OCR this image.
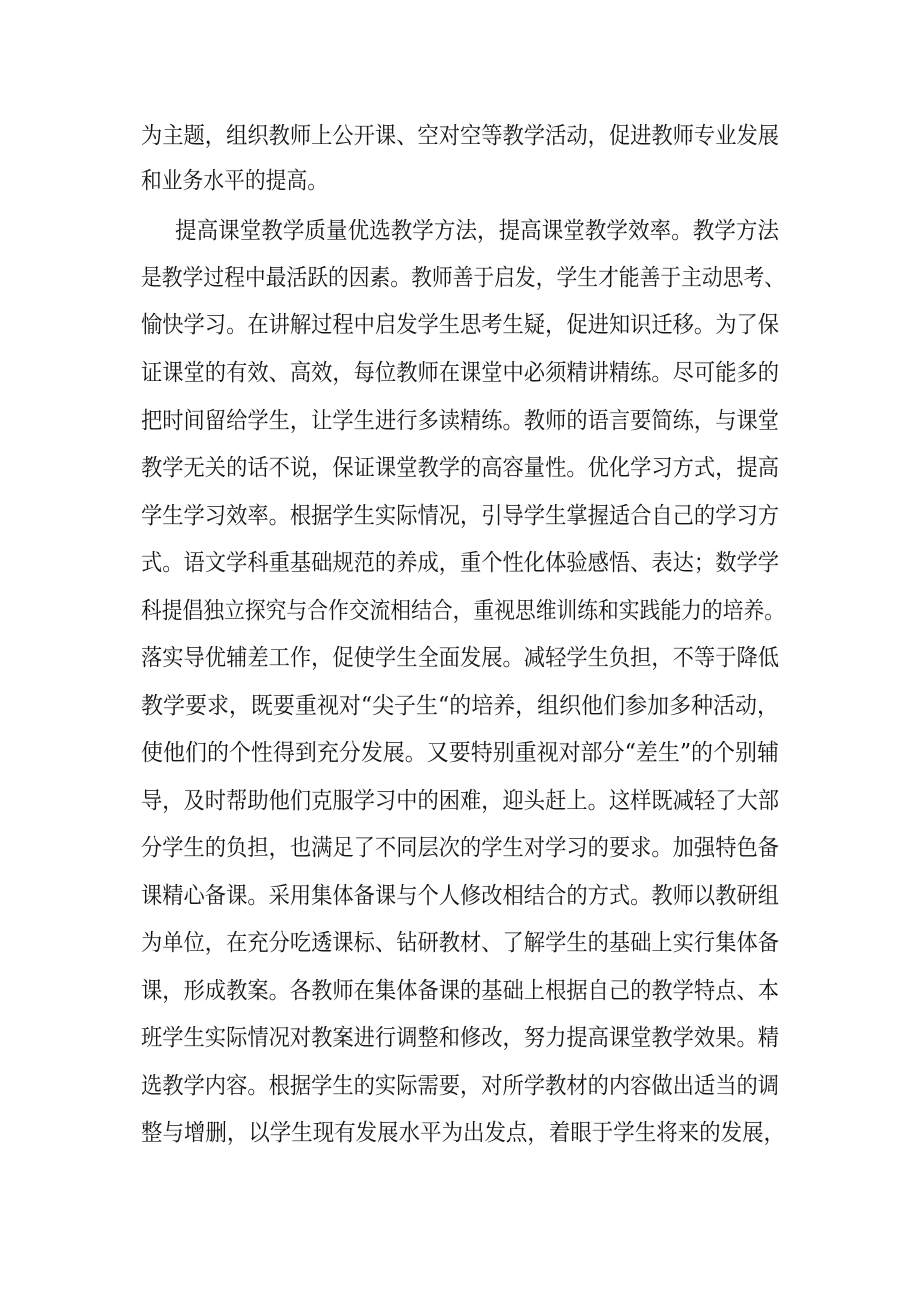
为主题，组织教师上公开课、空对空等教学活动，促进教师专业发展
和业务水平的提高。
提高课堂教学质量优选教学方法，提高课堂教学效率。教学方法
是教学过程中最活跃的因素。教师善于启发，学生才能善于主动思考、
愉快学习。在讲解过程中启发学生思考生疑，促进知识迁移。为了保
证课堂的有效、高效，每位教师在课堂中必须精讲精练。尽可能多的
把时间留给学生，让学生进行多读精练。教师的语言要简练，与课堂
教学无关的话不说，保证课堂教学的高容量性。优化学习方式，提高
学生学习效率。根据学生实际情况，引导学生掌握适合自己的学习方
式。语文学科重基础规范的养成，重个性化体验感悟、表达；数学学
科提倡独立探究与合作交流相结合，重视思维训练和实践能力的培养。
落实导优辅差工作，促使学生全面发展。减轻学生负担，不等于降低
教学要求，既要重视对“尖子生“的培养，组织他们参加多种活动，
使他们的个性得到充分发展。又要特别重视对部分“差生”的个别辅
导，及时帮助他们克服学习中的困难，迎头赶上。这样既减轻了大部
分学生的负担，也满足了不同层次的学生对学习的要求。加强特色备
课精心备课。采用集体备课与个人修改相结合的方式。教师以教研组
为单位，在充分吃透课标、钻研教材、了解学生的基础上实行集体备
课，形成教案。各教师在集体备课的基础上根据自己的教学特点、本
班学生实际情况对教案进行调整和修改，努力提高课堂教学效果。精
选教学内容。根据学生的实际需要，对所学教材的内容做出适当的调
整与增删，以学生现有发展水平为出发点，着眼于学生将来的发展，
